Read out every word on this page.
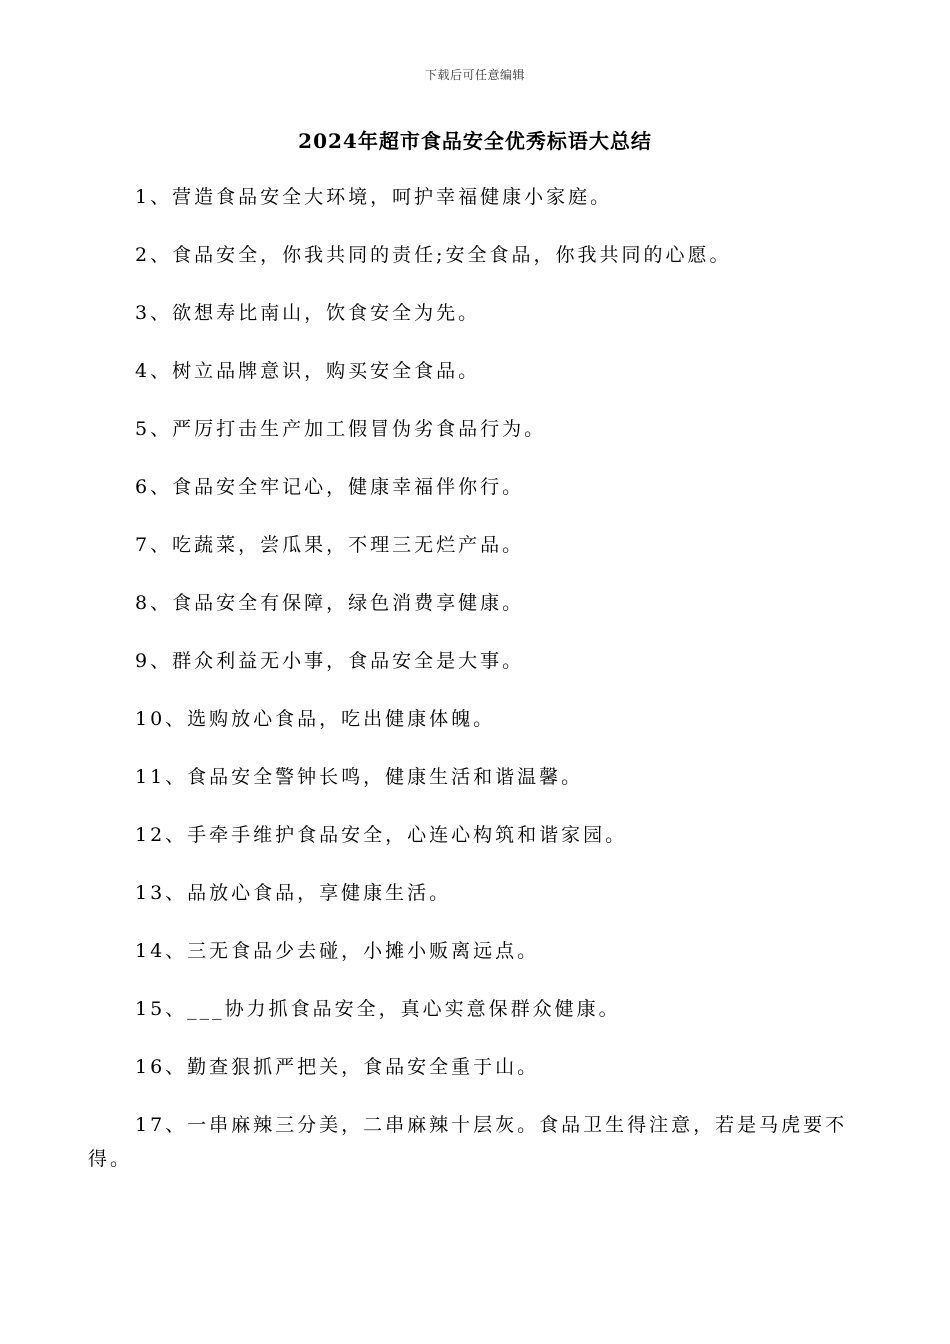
下载后可任意编辑
2024年超市食品安全优秀标语大总结
1、营造食品安全大环境，呵护幸福健康小家庭。
2、食品安全，你我共同的责任;安全食品，你我共同的心愿。
3、欲想寿比南山，饮食安全为先。
4、树立品牌意识，购买安全食品。
5、严厉打击生产加工假冒伪劣食品行为。
6、食品安全牢记心，健康幸福伴你行。
7、吃蔬菜，尝瓜果，不理三无烂产品。
8、食品安全有保障，绿色消费享健康。
9、群众利益无小事，食品安全是大事。
10、选购放心食品，吃出健康体魄。
11、食品安全警钟长鸣，健康生活和谐温馨。
12、手牵手维护食品安全，心连心构筑和谐家园。
13、品放心食品，享健康生活。
14、三无食品少去碰，小摊小贩离远点。
15、___协力抓食品安全，真心实意保群众健康。
16、勤查狠抓严把关，食品安全重于山。
17、一串麻辣三分美，二串麻辣十层灰。食品卫生得注意，若是马虎要不得。
